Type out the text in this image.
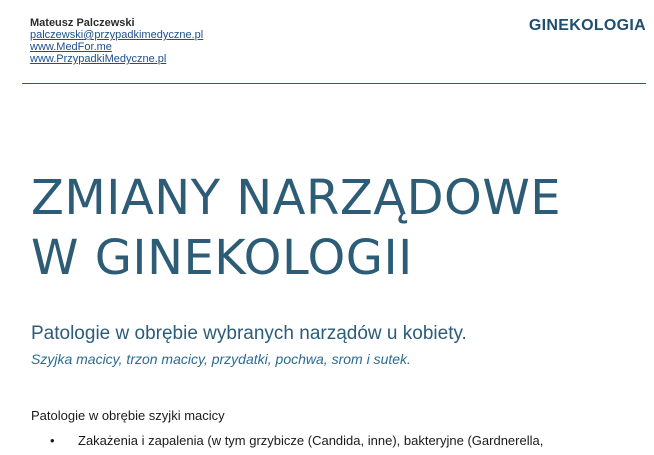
Mateusz Palczewski
palczewski@przypadkimedyczne.pl
www.MedFor.me
www.PrzypadkiMedyczne.pl
GINEKOLOGIA
ZMIANY NARZĄDOWE
W GINEKOLOGII
Patologie w obrębie wybranych narządów u kobiety.
Szyjka macicy, trzon macicy, przydatki, pochwa, srom i sutek.
Patologie w obrębie szyjki macicy
• Zakażenia i zapalenia (w tym grzybicze (Candida, inne), bakteryjne (Gardnerella,
